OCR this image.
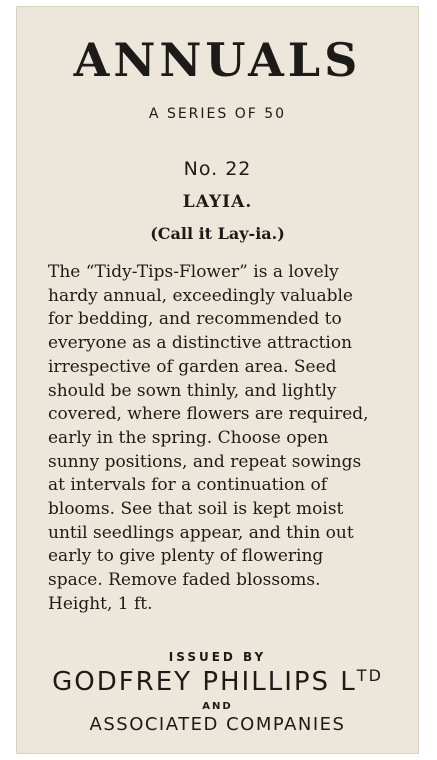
ANNUALS
A SERIES OF 50
No. 22
LAYIA.
(Call it Lay-ia.)

The “Tidy-Tips-Flower” is a lovely
hardy annual, exceedingly valuable
for bedding, and recommended to
everyone as a distinctive attraction
irrespective of garden area. Seed
should be sown thinly, and lightly
covered, where flowers are required,
early in the spring. Choose open
sunny positions, and repeat sowings
at intervals for a continuation of
blooms. See that soil is kept moist
until seedlings appear, and thin out
early to give plenty of flowering
space. Remove faded blossoms.
Height, 1 ft.

ISSUED BY
GODFREY PHILLIPS $L^{TD}$
AND
ASSOCIATED COMPANIES
